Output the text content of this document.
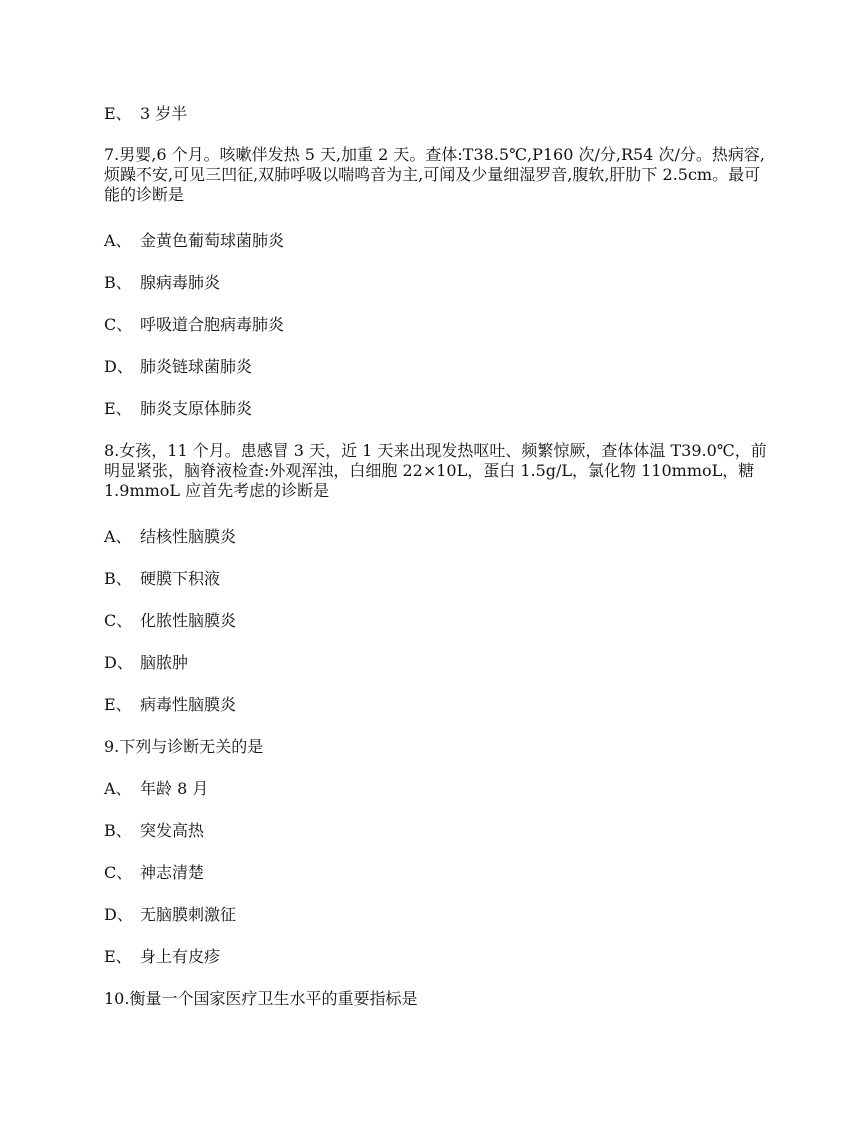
E、 3 岁半
7.男婴,6 个月。咳嗽伴发热 5 天,加重 2 天。查体:T38.5℃,P160 次/分,R54 次/分。热病容,烦躁不安,可见三凹征,双肺呼吸以喘鸣音为主,可闻及少量细湿罗音,腹软,肝肋下 2.5cm。最可能的诊断是
A、 金黄色葡萄球菌肺炎
B、 腺病毒肺炎
C、 呼吸道合胞病毒肺炎
D、 肺炎链球菌肺炎
E、 肺炎支原体肺炎
8.女孩，11 个月。患感冒 3 天，近 1 天来出现发热呕吐、频繁惊厥，查体体温 T39.0℃，前明显紧张，脑脊液检查:外观浑浊，白细胞 22×10L，蛋白 1.5g/L，氯化物 110mmoL，糖 1.9mmoL 应首先考虑的诊断是
A、 结核性脑膜炎
B、 硬膜下积液
C、 化脓性脑膜炎
D、 脑脓肿
E、 病毒性脑膜炎
9.下列与诊断无关的是
A、 年龄 8 月
B、 突发高热
C、 神志清楚
D、 无脑膜刺激征
E、 身上有皮疹
10.衡量一个国家医疗卫生水平的重要指标是
